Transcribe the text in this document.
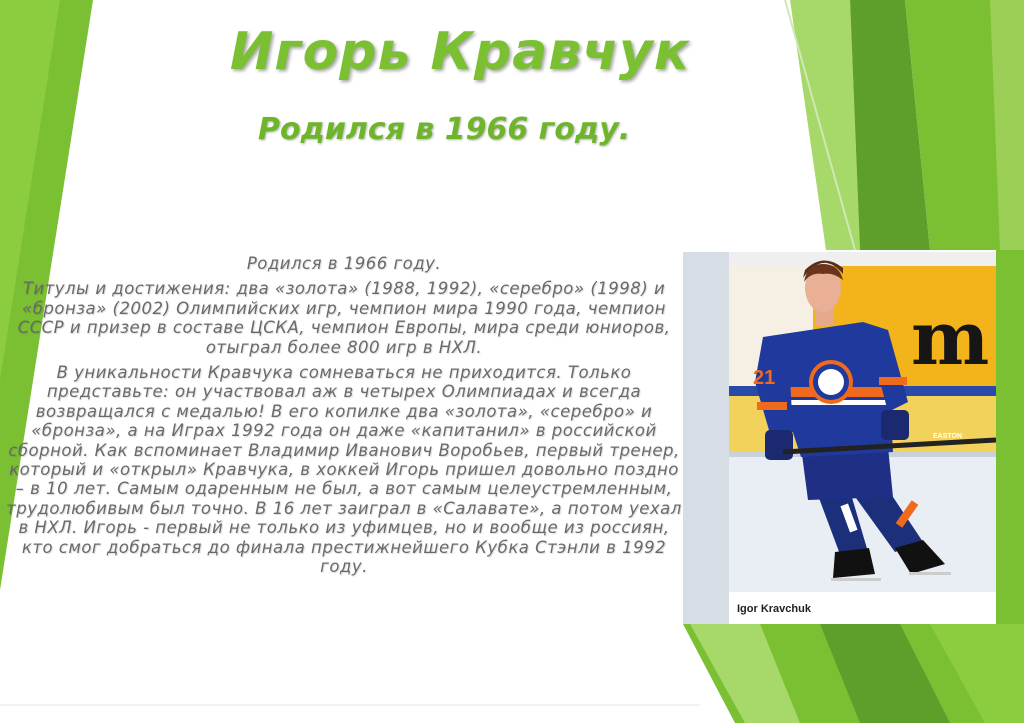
Игорь Кравчук
Родился в 1966 году.

Родился в 1966 году.

Титулы и достижения: два «золота» (1988, 1992), «серебро» (1998) и «бронза» (2002) Олимпийских игр, чемпион мира 1990 года, чемпион СССР и призер в составе ЦСКА, чемпион Европы, мира среди юниоров, отыграл более 800 игр в НХЛ.

В уникальности Кравчука сомневаться не приходится. Только представьте: он участвовал аж в четырех Олимпиадах и всегда возвращался с медалью! В его копилке два «золота», «серебро» и «бронза», а на Играх 1992 года он даже «капитанил» в российской сборной. Как вспоминает Владимир Иванович Воробьев, первый тренер, который и «открыл» Кравчука, в хоккей Игорь пришел довольно поздно – в 10 лет. Самым одаренным не был, а вот самым целеустремленным, трудолюбивым был точно. В 16 лет заиграл в «Салавате», а потом уехал в НХЛ. Игорь - первый не только из уфимцев, но и вообще из россиян, кто смог добраться до финала престижнейшего Кубка Стэнли в 1992 году.

m
21
EASTON
Igor Kravchuk
